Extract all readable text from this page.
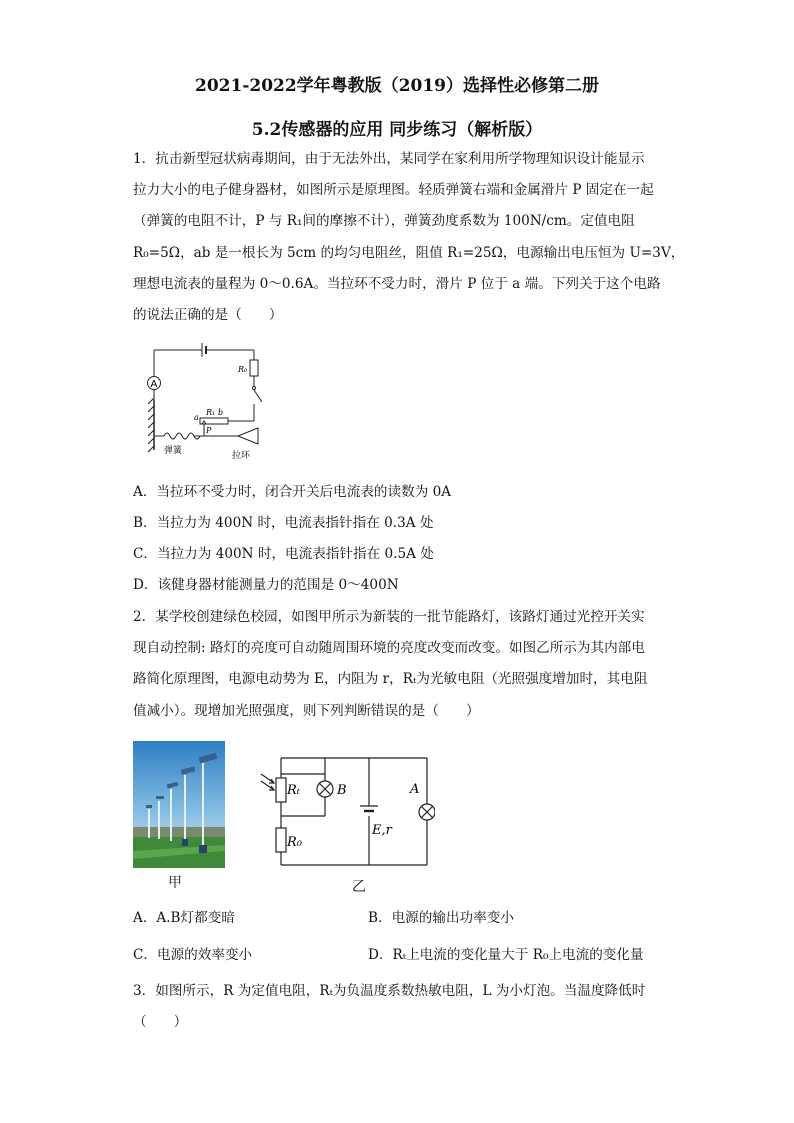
2021-2022学年粤教版（2019）选择性必修第二册
5.2传感器的应用 同步练习（解析版）
1．抗击新型冠状病毒期间，由于无法外出，某同学在家利用所学物理知识设计能显示
拉力大小的电子健身器材，如图所示是原理图。轻质弹簧右端和金属滑片 P 固定在一起
（弹簧的电阻不计，P 与 R₁间的摩擦不计），弹簧劲度系数为 100N/cm。定值电阻
R₀=5Ω，ab 是一根长为 5cm 的均匀电阻丝，阻值 R₁=25Ω，电源输出电压恒为 U=3V，
理想电流表的量程为 0～0.6A。当拉环不受力时，滑片 P 位于 a 端。下列关于这个电路
的说法正确的是（　　）
A
R₀
R₁
a
b
P
弹簧	拉环
A．当拉环不受力时，闭合开关后电流表的读数为 0A
B．当拉力为 400N 时，电流表指针指在 0.3A 处
C．当拉力为 400N 时，电流表指针指在 0.5A 处
D．该健身器材能测量力的范围是 0～400N
2．某学校创建绿色校园，如图甲所示为新装的一批节能路灯，该路灯通过光控开关实
现自动控制: 路灯的亮度可自动随周围环境的亮度改变而改变。如图乙所示为其内部电
路简化原理图，电源电动势为 E，内阻为 r，Rₜ为光敏电阻（光照强度增加时，其电阻
值减小）。现增加光照强度，则下列判断错误的是（　　）
甲
Rₜ	B	A
E,r
R₀
乙
A．A.B灯都变暗	B．电源的输出功率变小
C．电源的效率变小	D．Rₜ上电流的变化量大于 R₀上电流的变化量
3．如图所示，R 为定值电阻，Rₜ为负温度系数热敏电阻，L 为小灯泡。当温度降低时
（　　）
